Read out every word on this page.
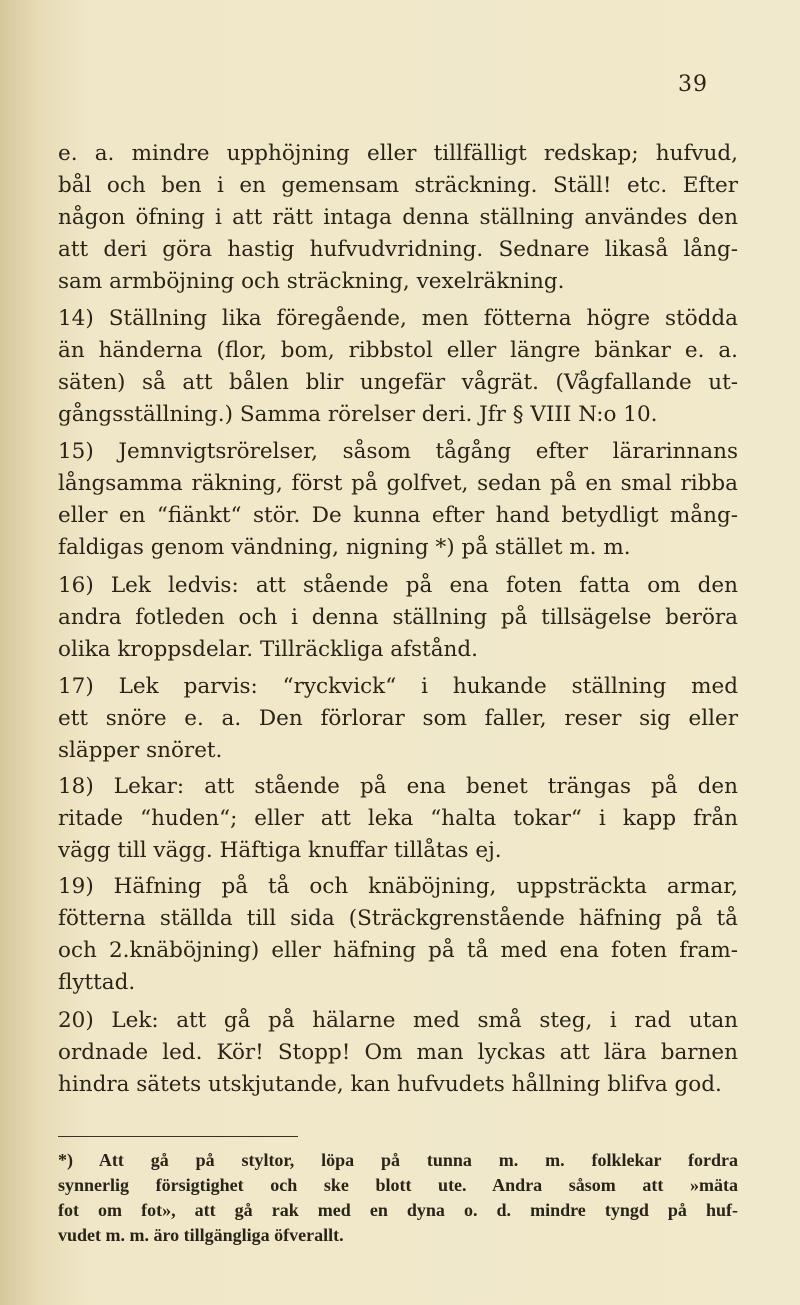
39
e. a. mindre upphöjning eller tillfälligt redskap; hufvud,
bål och ben i en gemensam sträckning. Ställ! etc. Efter
någon öfning i att rätt intaga denna ställning användes den
att deri göra hastig hufvudvridning. Sednare likaså lång-
sam armböjning och sträckning, vexelräkning.
14) Ställning lika föregående, men fötterna högre stödda
än händerna (flor, bom, ribbstol eller längre bänkar e. a.
säten) så att bålen blir ungefär vågrät. (Vågfallande ut-
gångsställning.) Samma rörelser deri. Jfr § VIII N:o 10.
15) Jemnvigtsrörelser, såsom tågång efter lärarinnans
långsamma räkning, först på golfvet, sedan på en smal ribba
eller en “fiänkt“ stör. De kunna efter hand betydligt mång-
faldigas genom vändning, nigning *) på stället m. m.
16) Lek ledvis: att stående på ena foten fatta om den
andra fotleden och i denna ställning på tillsägelse beröra
olika kroppsdelar. Tillräckliga afstånd.
17) Lek parvis: “ryckvick“ i hukande ställning med
ett snöre e. a. Den förlorar som faller, reser sig eller
släpper snöret.
18) Lekar: att stående på ena benet trängas på den
ritade “huden“; eller att leka “halta tokar“ i kapp från
vägg till vägg. Häftiga knuffar tillåtas ej.
19) Häfning på tå och knäböjning, uppsträckta armar,
fötterna ställda till sida (Sträckgrenstående häfning på tå
och 2.knäböjning) eller häfning på tå med ena foten fram-
flyttad.
20) Lek: att gå på hälarne med små steg, i rad utan
ordnade led. Kör! Stopp! Om man lyckas att lära barnen
hindra sätets utskjutande, kan hufvudets hållning blifva god.
*) Att gå på styltor, löpa på tunna m. m. folklekar fordra
synnerlig försigtighet och ske blott ute. Andra såsom att »mäta
fot om fot», att gå rak med en dyna o. d. mindre tyngd på huf-
vudet m. m. äro tillgängliga öfverallt.
